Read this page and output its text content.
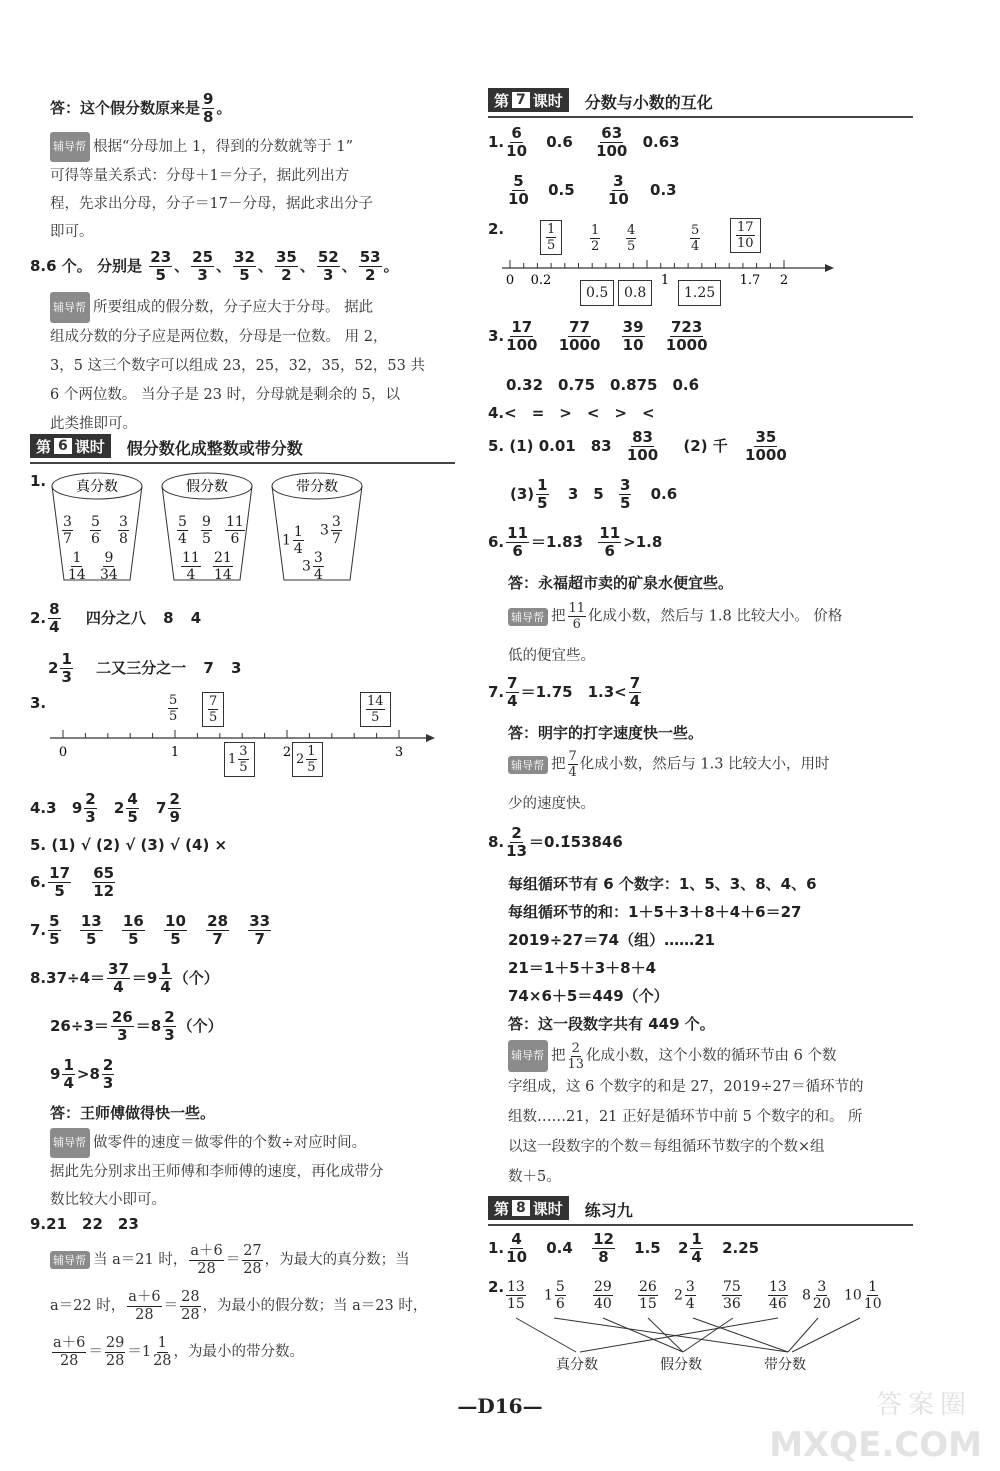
答：这个假分数原来是 $\frac{9}{8}$ 。
辅导帮 根据“分母加上 1，得到的分数就等于 1”
可得等量关系式：分母＋1＝分子，据此列出方
程，先求出分母，分子＝17－分母，据此求出分子
即可。
8.6 个。 分别是 $\frac{23}{5}$ 、 $\frac{25}{3}$ 、 $\frac{32}{5}$ 、 $\frac{35}{2}$ 、 $\frac{52}{3}$ 、 $\frac{53}{2}$ 。
辅导帮 所要组成的假分数，分子应大于分母。 据此
组成分数的分子应是两位数，分母是一位数。 用 2，
3，5 这三个数字可以组成 23，25，32，35，52，53 共
6 个两位数。 当分子是 23 时，分母就是剩余的 5，以
此类推即可。
第 6 课时 假分数化成整数或带分数
1. 真分数	假分数	带分数
$\frac{3}{7} \frac{5}{6} \frac{3}{8}$
$\frac{1}{14} \frac{9}{34}$
$\frac{5}{4} \frac{9}{5} \frac{11}{6}$
$\frac{11}{4} \frac{21}{14}$
$1 \frac{1}{4} 3 \frac{3}{7}$
$3 \frac{3}{4}$
2. $\frac{8}{4}$ 四分之八 8 4
$2 \frac{1}{3}$ 二又三分之一 7 3
3.
0	1	2	3
$\frac{5}{5} \frac{7}{5}$	$\frac{14}{5}$
$1 \frac{3}{5}$	$2 \frac{1}{5}$
4.3 $9 \frac{2}{3} 2 \frac{4}{5} 7 \frac{2}{9}$
5. (1) √ (2) √ (3) √ (4) ×
6. $\frac{17}{5}$
$\frac{65}{12}$
7. $\frac{5}{5}$
$\frac{13}{5}$
$\frac{16}{5}$
$\frac{10}{5}$
$\frac{28}{7}$
$\frac{33}{7}$
$8.37\div 4= \frac{37}{4} =9 \frac{1}{4}$ （个）
$26\div 3= \frac{26}{3} =8 \frac{2}{3}$ （个）
$9 \frac{1}{4} >8 \frac{2}{3}$
答：王师傅做得快一些。
辅导帮 做零件的速度＝做零件的个数÷对应时间。
据此先分别求出王师傅和李师傅的速度，再化成带分
数比较大小即可。
9.21　22　23
辅导帮 当 a＝21 时， $\frac{a+6}{28} = \frac{27}{28}$ ，为最大的真分数；当
a＝22 时， $\frac{a+6}{28} = \frac{28}{28}$ ，为最小的假分数；当 a＝23 时，
$\frac{a+6}{28} = \frac{29}{28} =1 \frac{1}{28}$ ，为最小的带分数。
第 7 课时 分数与小数的互化
1. $\frac{6}{10} 0.6 \frac{63}{100} 0.63$
$\frac{5}{10} 0.5 \frac{3}{10} 0.3$
2.
0 0.2	1	1.7 2
$\frac{1}{5}$	$\frac{1}{2} \frac{4}{5}$	$\frac{5}{4}$	$\frac{17}{10}$
0.5	0.8	1.25
3. $\frac{17}{100}$
$\frac{77}{1000}$
$\frac{39}{10}$
$\frac{723}{1000}$
0.32　0.75　0.875　0.6̇
4.<　=　>　<　>　<
5. (1) 0.01　$83 \frac{83}{100} (2)$ 千 $\frac{35}{1000}$
$(3) \frac{1}{5} 3$　$5 \frac{3}{5} 0.6$
6. $\frac{11}{6}$ ＝1.83̇ $\frac{11}{6} >1.8$
答：永福超市卖的矿泉水便宜些。
辅导帮 把 $\frac{11}{6}$ 化成小数，然后与 1.8 比较大小。 价格
低的便宜些。
7. $\frac{7}{4} =1.75$　$1.3< \frac{7}{4}$
答：明宇的打字速度快一些。
辅导帮 把 $\frac{7}{4}$ 化成小数，然后与 1.3 比较大小，用时
少的速度快。
8. $\frac{2}{13}$ ＝0.1̇53846̇
每组循环节有 6 个数字：1、5、3、8、4、6
每组循环节的和：1＋5＋3＋8＋4＋6＝27
2019÷27＝74（组）……21
21＝1＋5＋3＋8＋4
74×6＋5＝449（个）
答：这一段数字共有 449 个。
辅导帮 把 $\frac{2}{13}$ 化成小数，这个小数的循环节由 6 个数
字组成，这 6 个数字的和是 27，2019÷27＝循环节的
组数……21，21 正好是循环节中前 5 个数字的和。 所
以这一段数字的个数＝每组循环节数字的个数×组
数＋5。
第 8 课时 练习九
1. $\frac{4}{10} 0.4 \frac{12}{8} 1.5$ $2 \frac{1}{4} 2.25$
2. $\frac{13}{15} 1 \frac{5}{6} \frac{29}{40} \frac{26}{15} 2 \frac{3}{4} \frac{75}{36} \frac{13}{46} 8 \frac{3}{20} 10 \frac{1}{10}$
真分数	假分数	带分数
—D16—	答案圈
MXQE.COM
